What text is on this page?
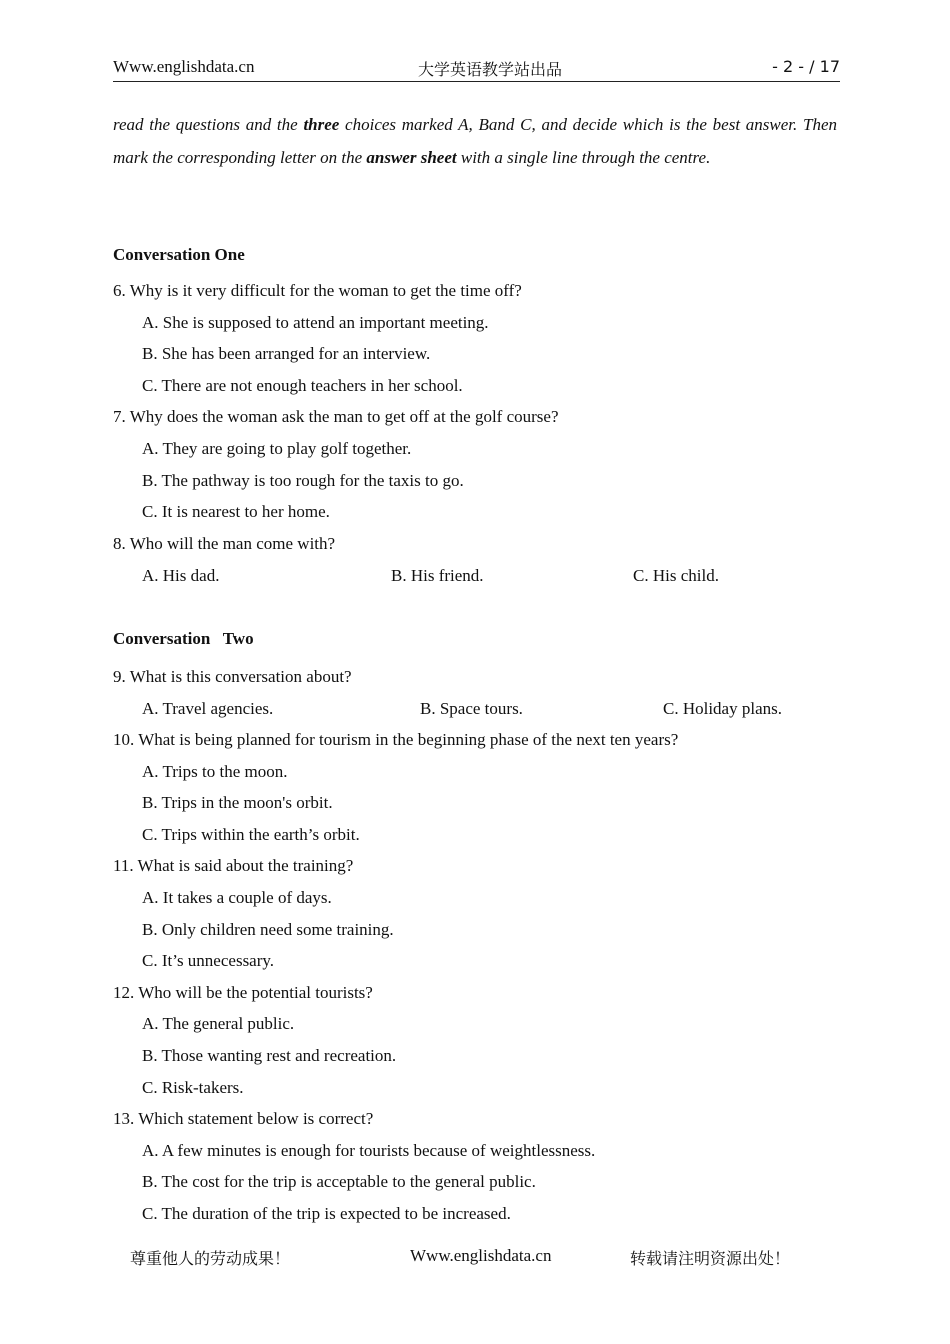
Www.englishdata.cn	大学英语教学站出品	- 2 - / 17
read the questions and the three choices marked A, Band C, and decide which is the best answer. Then mark the corresponding letter on the answer sheet with a single line through the centre.
Conversation One
6. Why is it very difficult for the woman to get the time off?
A. She is supposed to attend an important meeting.
B. She has been arranged for an interview.
C. There are not enough teachers in her school.
7. Why does the woman ask the man to get off at the golf course?
A. They are going to play golf together.
B. The pathway is too rough for the taxis to go.
C. It is nearest to her home.
8. Who will the man come with?
A. His dad.	B. His friend.	C. His child.
Conversation   Two
9. What is this conversation about?
A. Travel agencies.	B. Space tours.	C. Holiday plans.
10. What is being planned for tourism in the beginning phase of the next ten years?
A. Trips to the moon.
B. Trips in the moon's orbit.
C. Trips within the earth’s orbit.
11. What is said about the training?
A. It takes a couple of days.
B. Only children need some training.
C. It’s unnecessary.
12. Who will be the potential tourists?
A. The general public.
B. Those wanting rest and recreation.
C. Risk-takers.
13. Which statement below is correct?
A. A few minutes is enough for tourists because of weightlessness.
B. The cost for the trip is acceptable to the general public.
C. The duration of the trip is expected to be increased.
尊重他人的劳动成果！	Www.englishdata.cn	转载请注明资源出处！
